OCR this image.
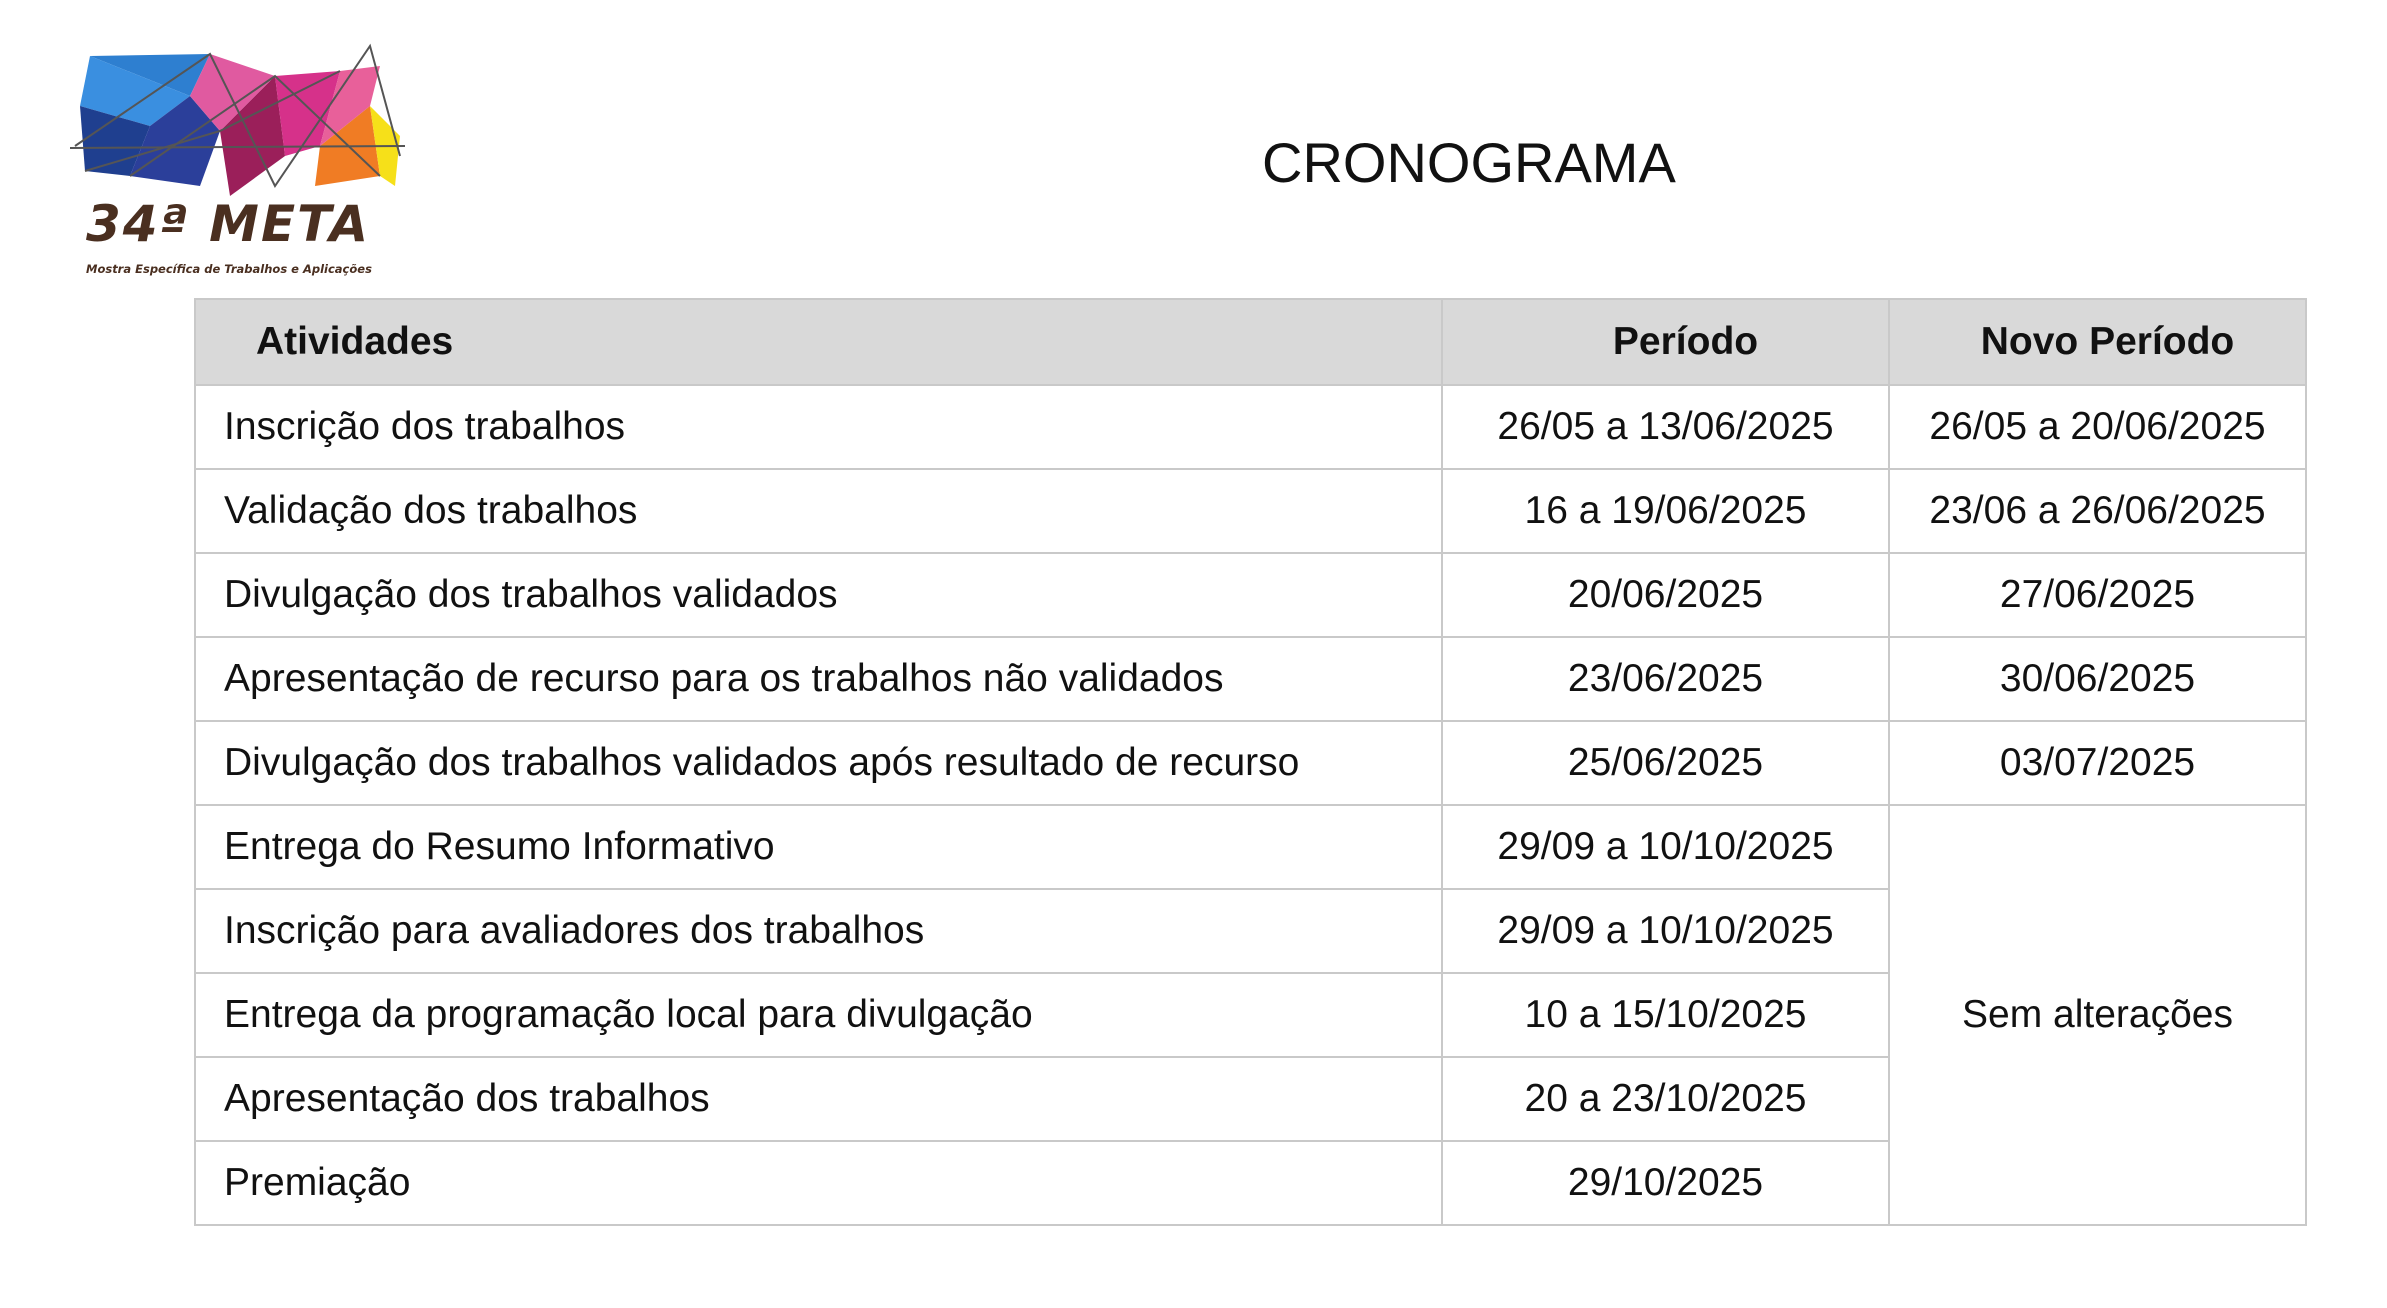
34ª META
Mostra Específica de Trabalhos e Aplicações
CRONOGRAMA
Atividades	Período	Novo Período
Inscrição dos trabalhos	26/05 a 13/06/2025	26/05 a 20/06/2025
Validação dos trabalhos	16 a 19/06/2025	23/06 a 26/06/2025
Divulgação dos trabalhos validados	20/06/2025	27/06/2025
Apresentação de recurso para os trabalhos não validados	23/06/2025	30/06/2025
Divulgação dos trabalhos validados após resultado de recurso	25/06/2025	03/07/2025
Entrega do Resumo Informativo	29/09 a 10/10/2025	Sem alterações
Inscrição para avaliadores dos trabalhos	29/09 a 10/10/2025	
Entrega da programação local para divulgação	10 a 15/10/2025	
Apresentação dos trabalhos	20 a 23/10/2025	
Premiação	29/10/2025	
